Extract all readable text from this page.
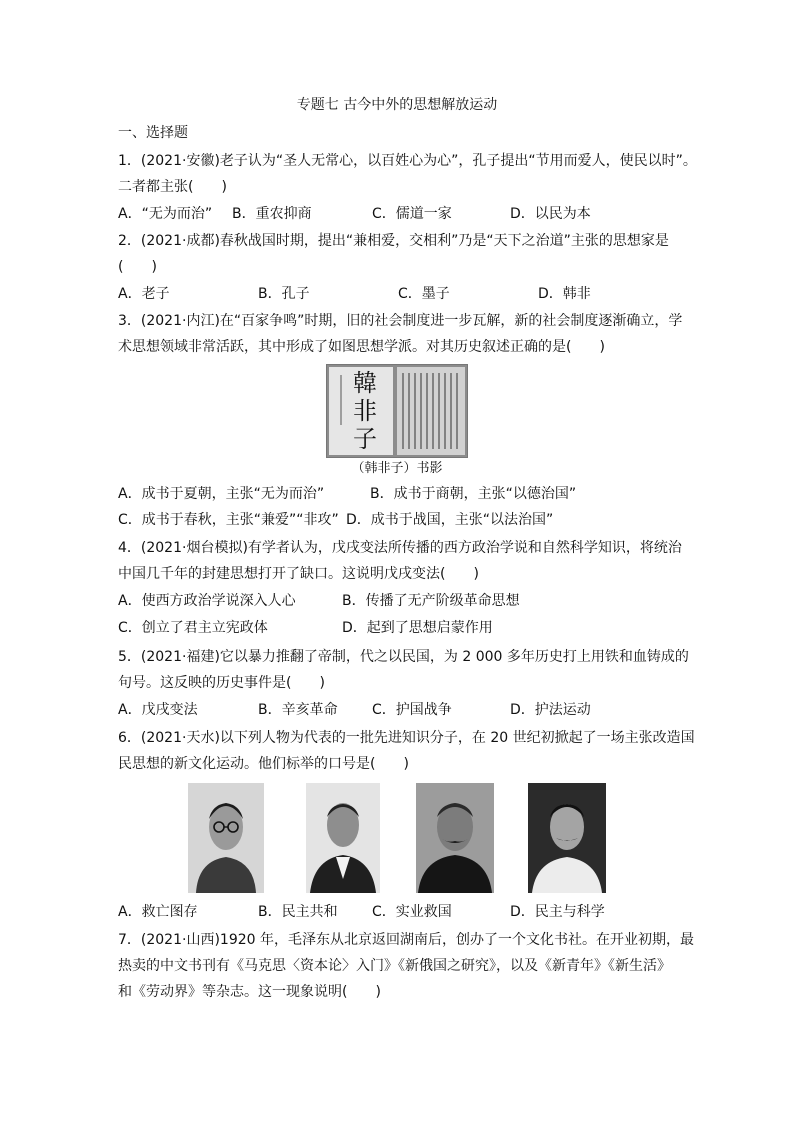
专题七 古今中外的思想解放运动
一、选择题
1．(2021·安徽)老子认为“圣人无常心，以百姓心为心”，孔子提出“节用而爱人，使民以时”。
二者都主张(　　)
A．“无为而治” B．重农抑商	C．儒道一家	D．以民为本
2．(2021·成都)春秋战国时期，提出“兼相爱，交相利”乃是“天下之治道”主张的思想家是
(　　)
A．老子	B．孔子	C．墨子	D．韩非
3．(2021·内江)在“百家争鸣”时期，旧的社会制度进一步瓦解，新的社会制度逐渐确立，学
术思想领域非常活跃，其中形成了如图思想学派。对其历史叙述正确的是(　　)
韓非子
（韩非子）书影
A．成书于夏朝，主张“无为而治”	B．成书于商朝，主张“以德治国”
C．成书于春秋，主张“兼爱”“非攻” D．成书于战国，主张“以法治国”
4．(2021·烟台模拟)有学者认为，戊戌变法所传播的西方政治学说和自然科学知识，将统治
中国几千年的封建思想打开了缺口。这说明戊戌变法(　　)
A．使西方政治学说深入人心	B．传播了无产阶级革命思想
C．创立了君主立宪政体	D．起到了思想启蒙作用
5．(2021·福建)它以暴力推翻了帝制，代之以民国，为 2 000 多年历史打上用铁和血铸成的
句号。这反映的历史事件是(　　)
A．戊戌变法	B．辛亥革命 C．护国战争	D．护法运动
6．(2021·天水)以下列人物为代表的一批先进知识分子，在 20 世纪初掀起了一场主张改造国
民思想的新文化运动。他们标举的口号是(　　)
A．救亡图存	B．民主共和 C．实业救国	D．民主与科学
7．(2021·山西)1920 年，毛泽东从北京返回湖南后，创办了一个文化书社。在开业初期，最
热卖的中文书刊有《马克思〈资本论〉入门》《新俄国之研究》，以及《新青年》《新生活》
和《劳动界》等杂志。这一现象说明(　　)
